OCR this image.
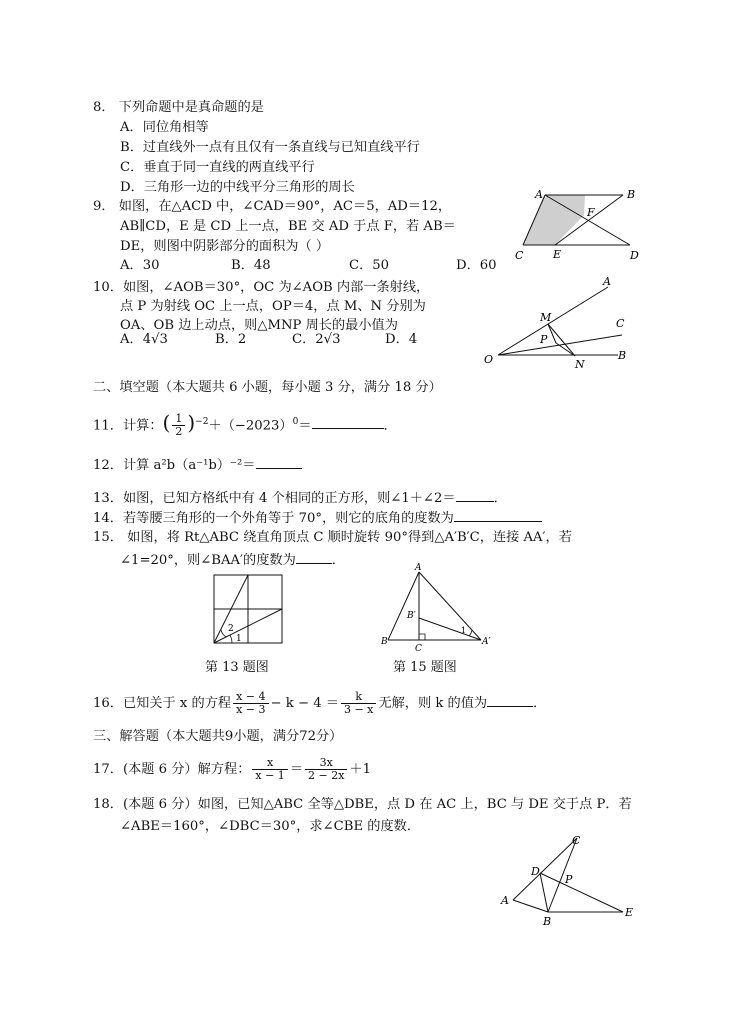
8． 下列命题中是真命题的是
A．同位角相等
B．过直线外一点有且仅有一条直线与已知直线平行
C．垂直于同一直线的两直线平行
D．三角形一边的中线平分三角形的周长
9． 如图，在△ACD 中，∠CAD＝90°，AC＝5，AD＝12，
AB∥CD，E 是 CD 上一点，BE 交 AD 于点 F，若 AB＝
DE，则图中阴影部分的面积为（ ）
A．30	B．48	C．50	D．60
A	B
F
C	E	D
10．如图，∠AOB＝30°，OC 为∠AOB 内部一条射线，
点 P 为射线 OC 上一点，OP＝4，点 M、N 分别为
OA、OB 边上动点，则△MNP 周长的最小值为
A．4√3	B．2	C．2√3	D．4
A
M	C
P
O	N
B
二、填空题（本大题共 6 小题，每小题 3 分，满分 18 分）
11．计算：( $\frac{1}{2} )^{-2}+(-2023)^0=$	．
12．计算 a²b（a⁻¹b）⁻²＝
13．如图，已知方格纸中有 4 个相同的正方形，则∠1＋∠2＝	．
14．若等腰三角形的一个外角等于 70°，则它的底角的度数为
15． 如图，将 Rt△ABC 绕直角顶点 C 顺时旋转 90°得到△A′B′C，连接 AA′，若
∠1=20°，则∠BAA′的度数为	．
2
1
第 13 题图
A
B′
1
B
C
A′
第 15 题图
16．已知关于 x 的方程 $\frac{x - 4}{x - 3} - k - 4 = \frac{k}{3 - x}$ 无解，则 k 的值为	．
三、解答题（本大题共9小题，满分72分）
17．(本题 6 分）解方程： $\frac{x}{x - 1} = \frac{3x}{2 - 2x} +1$
18．(本题 6 分）如图，已知△ABC 全等△DBE，点 D 在 AC 上，BC 与 DE 交于点 P．若
∠ABE＝160°，∠DBC＝30°，求∠CBE 的度数．
C
D
P
A
B
E
